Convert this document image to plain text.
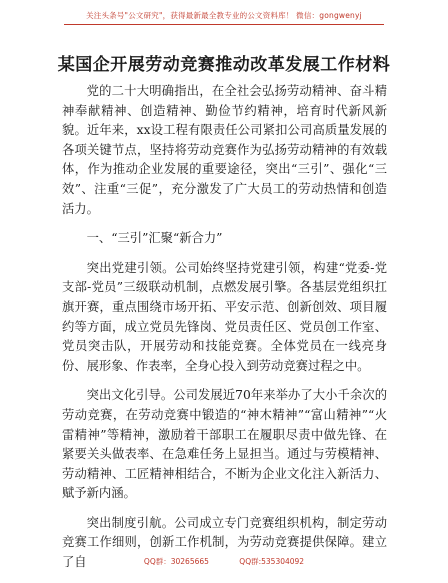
关注头条号"公文研究"，获得最新最全教专业的公文资料库！ 微信：gongwenyj
某国企开展劳动竞赛推动改革发展工作材料

党的二十大明确指出，在全社会弘扬劳动精神、奋斗精神奉献精神、创造精神、勤俭节约精神，培育时代新风新貌。近年来，xx设工程有限责任公司紧扣公司高质量发展的各项关键节点，坚持将劳动竞赛作为弘扬劳动精神的有效载体，作为推动企业发展的重要途径，突出“三引”、强化“三效”、注重“三促”，充分激发了广大员工的劳动热情和创造活力。

一、“三引”汇聚“新合力”

突出党建引领。公司始终坚持党建引领，构建“党委-党支部-党员”三级联动机制，点燃发展引擎。各基层党组织扛旗开赛，重点围绕市场开拓、平安示范、创新创效、项目履约等方面，成立党员先锋岗、党员责任区、党员创工作室、党员突击队，开展劳动和技能竞赛。全体党员在一线亮身份、展形象、作表率，全身心投入到劳动竞赛过程之中。

突出文化引导。公司发展近70年来举办了大小千余次的劳动竞赛，在劳动竞赛中锻造的“神木精神”“富山精神”“火雷精神”等精神，激励着干部职工在履职尽责中做先锋、在紧要关头做表率、在急难任务上显担当。通过与劳模精神、劳动精神、工匠精神相结合，不断为企业文化注入新活力、赋予新内涵。

突出制度引航。公司成立专门竞赛组织机构，制定劳动竞赛工作细则，创新工作机制，为劳动竞赛提供保障。建立了自	QQ群：30265665	QQ群:535304092
